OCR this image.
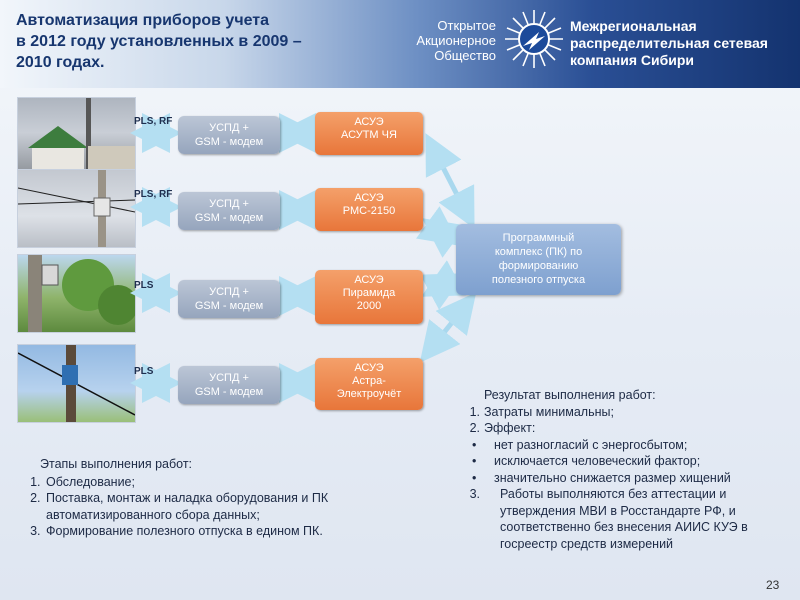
Автоматизация приборов учета
в 2012 году установленных в 2009 –
2010 годах.
Открытое
Акционерное
Общество
Межрегиональная
распределительная сетевая
компания Сибири
PLS, RF
УСПД +
GSM - модем
АСУЭ
АСУТМ ЧЯ
PLS, RF
УСПД +
GSM - модем
АСУЭ
РМС-2150
PLS
УСПД +
GSM - модем
АСУЭ
Пирамида
2000
PLS
УСПД +
GSM - модем
АСУЭ
Астра-
Электроучёт
Программный
комплекс (ПК) по
формированию
полезного отпуска
Этапы выполнения работ:
1. Обследование;
2. Поставка, монтаж и наладка оборудования и ПК автоматизированного сбора данных;
3. Формирование полезного отпуска в едином ПК.
Результат выполнения работ:
1. Затраты минимальны;
2. Эффект:
• нет разногласий с энергосбытом;
• исключается человеческий фактор;
• значительно снижается размер хищений
3. Работы выполняются без аттестации и утверждения МВИ в Росстандарте РФ, и соответственно без внесения АИИС КУЭ в госреестр средств измерений
23
